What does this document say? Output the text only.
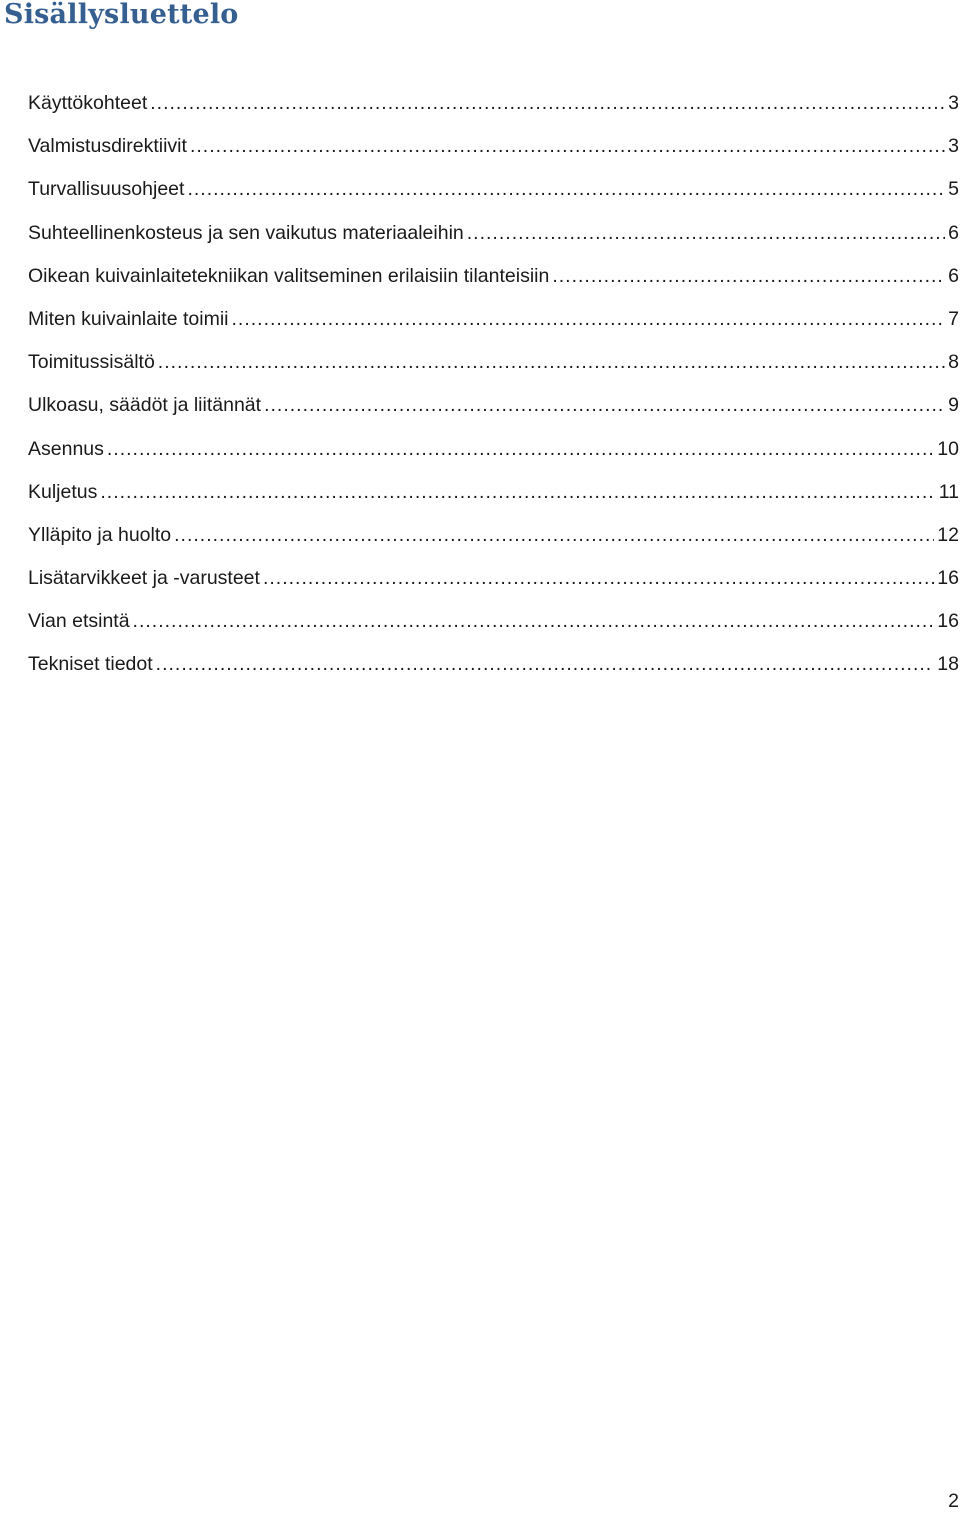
Sisällysluettelo
Käyttökohteet .....	3
Valmistusdirektiivit .....	3
Turvallisuusohjeet .....	5
Suhteellinenkosteus ja sen vaikutus materiaaleihin .....	6
Oikean kuivainlaitetekniikan valitseminen erilaisiin tilanteisiin .....	6
Miten kuivainlaite toimii .....	7
Toimitussisältö .....	8
Ulkoasu, säädöt ja liitännät .....	9
Asennus .....	10
Kuljetus .....	11
Ylläpito ja huolto .....	12
Lisätarvikkeet ja -varusteet .....	16
Vian etsintä .....	16
Tekniset tiedot .....	18
2
